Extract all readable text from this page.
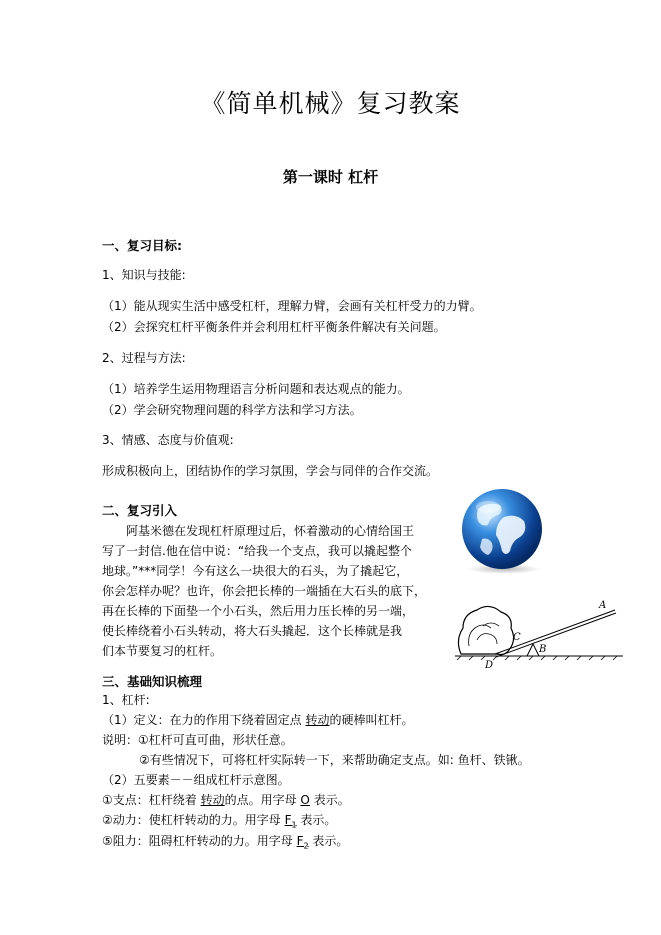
《简单机械》复习教案
第一课时 杠杆
一、复习目标:
1、知识与技能:
（1）能从现实生活中感受杠杆，理解力臂，会画有关杠杆受力的力臂。
（2）会探究杠杆平衡条件并会利用杠杆平衡条件解决有关问题。
2、过程与方法:
（1）培养学生运用物理语言分析问题和表达观点的能力。
（2）学会研究物理问题的科学方法和学习方法。
3、情感、态度与价值观:
形成积极向上，团结协作的学习氛围，学会与同伴的合作交流。
二、复习引入
阿基米德在发现杠杆原理过后，怀着激动的心情给国王
写了一封信.他在信中说：“给我一个支点，我可以撬起整个
地球。”***同学！今有这么一块很大的石头，为了撬起它，
你会怎样办呢？也许，你会把长棒的一端插在大石头的底下，
再在长棒的下面垫一个小石头，然后用力压长棒的另一端，
使长棒绕着小石头转动，将大石头撬起．这个长棒就是我
们本节要复习的杠杆。
A
B
C
D
三、基础知识梳理
1、杠杆:
（1）定义：在力的作用下绕着固定点 转动的硬棒叫杠杆。
说明：①杠杆可直可曲，形状任意。
②有些情况下，可将杠杆实际转一下，来帮助确定支点。如: 鱼杆、铁锹。
（2）五要素－－组成杠杆示意图。
①支点：杠杆绕着 转动的点。用字母 O 表示。
②动力：使杠杆转动的力。用字母 $F_1$ 表示。
⑤阻力：阻碍杠杆转动的力。用字母 $F_2$ 表示。
